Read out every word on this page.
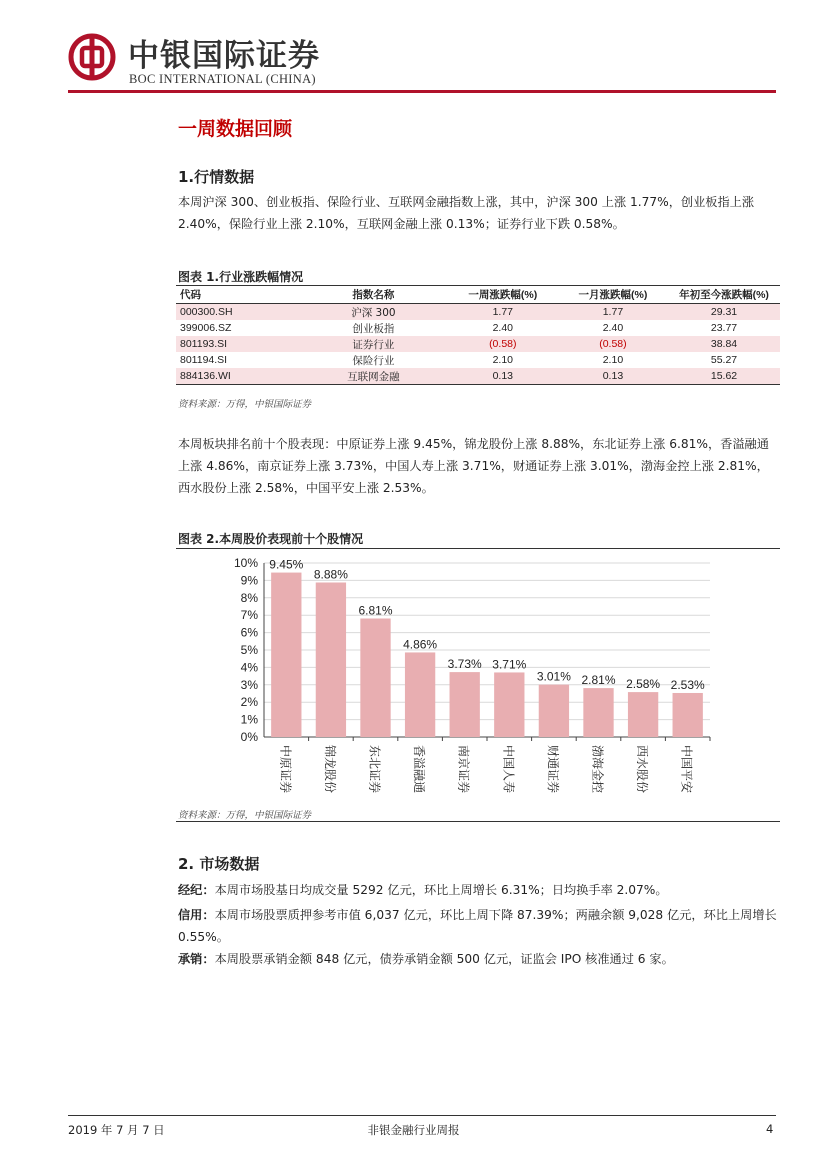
中银国际证券
BOC INTERNATIONAL (CHINA)
一周数据回顾
1.行情数据
本周沪深 300、创业板指、保险行业、互联网金融指数上涨，其中，沪深 300 上涨 1.77%，创业板指上涨 2.40%，保险行业上涨 2.10%，互联网金融上涨 0.13%；证券行业下跌 0.58%。
图表 1.行业涨跌幅情况
代码	指数名称	一周涨跌幅(%)	一月涨跌幅(%)	年初至今涨跌幅(%)
000300.SH	沪深 300	1.77	1.77	29.31
399006.SZ	创业板指	2.40	2.40	23.77
801193.SI	证券行业	(0.58)	(0.58)	38.84
801194.SI	保险行业	2.10	2.10	55.27
884136.WI	互联网金融	0.13	0.13	15.62
资料来源：万得，中银国际证券
本周板块排名前十个股表现：中原证券上涨 9.45%，锦龙股份上涨 8.88%，东北证券上涨 6.81%，香溢融通上涨 4.86%，南京证券上涨 3.73%，中国人寿上涨 3.71%，财通证券上涨 3.01%，渤海金控上涨 2.81%，西水股份上涨 2.58%，中国平安上涨 2.53%。
图表 2.本周股价表现前十个股情况
0%
1%
2%
3%
4%
5%
6%
7%
8%
9%
10% 9.45%
中原证券
8.88%
锦龙股份
6.81%
东北证券
4.86%
香溢融通
3.73%
南京证券
3.71%
中国人寿
3.01%
财通证券
2.81%
渤海金控
2.58%
西水股份
2.53%
中国平安
资料来源：万得，中银国际证券
2. 市场数据
经纪：本周市场股基日均成交量 5292 亿元，环比上周增长 6.31%；日均换手率 2.07%。
信用：本周市场股票质押参考市值 6,037 亿元，环比上周下降 87.39%；两融余额 9,028 亿元，环比上周增长 0.55%。
承销：本周股票承销金额 848 亿元，债券承销金额 500 亿元，证监会 IPO 核准通过 6 家。
2019 年 7 月 7 日	非银金融行业周报	4
